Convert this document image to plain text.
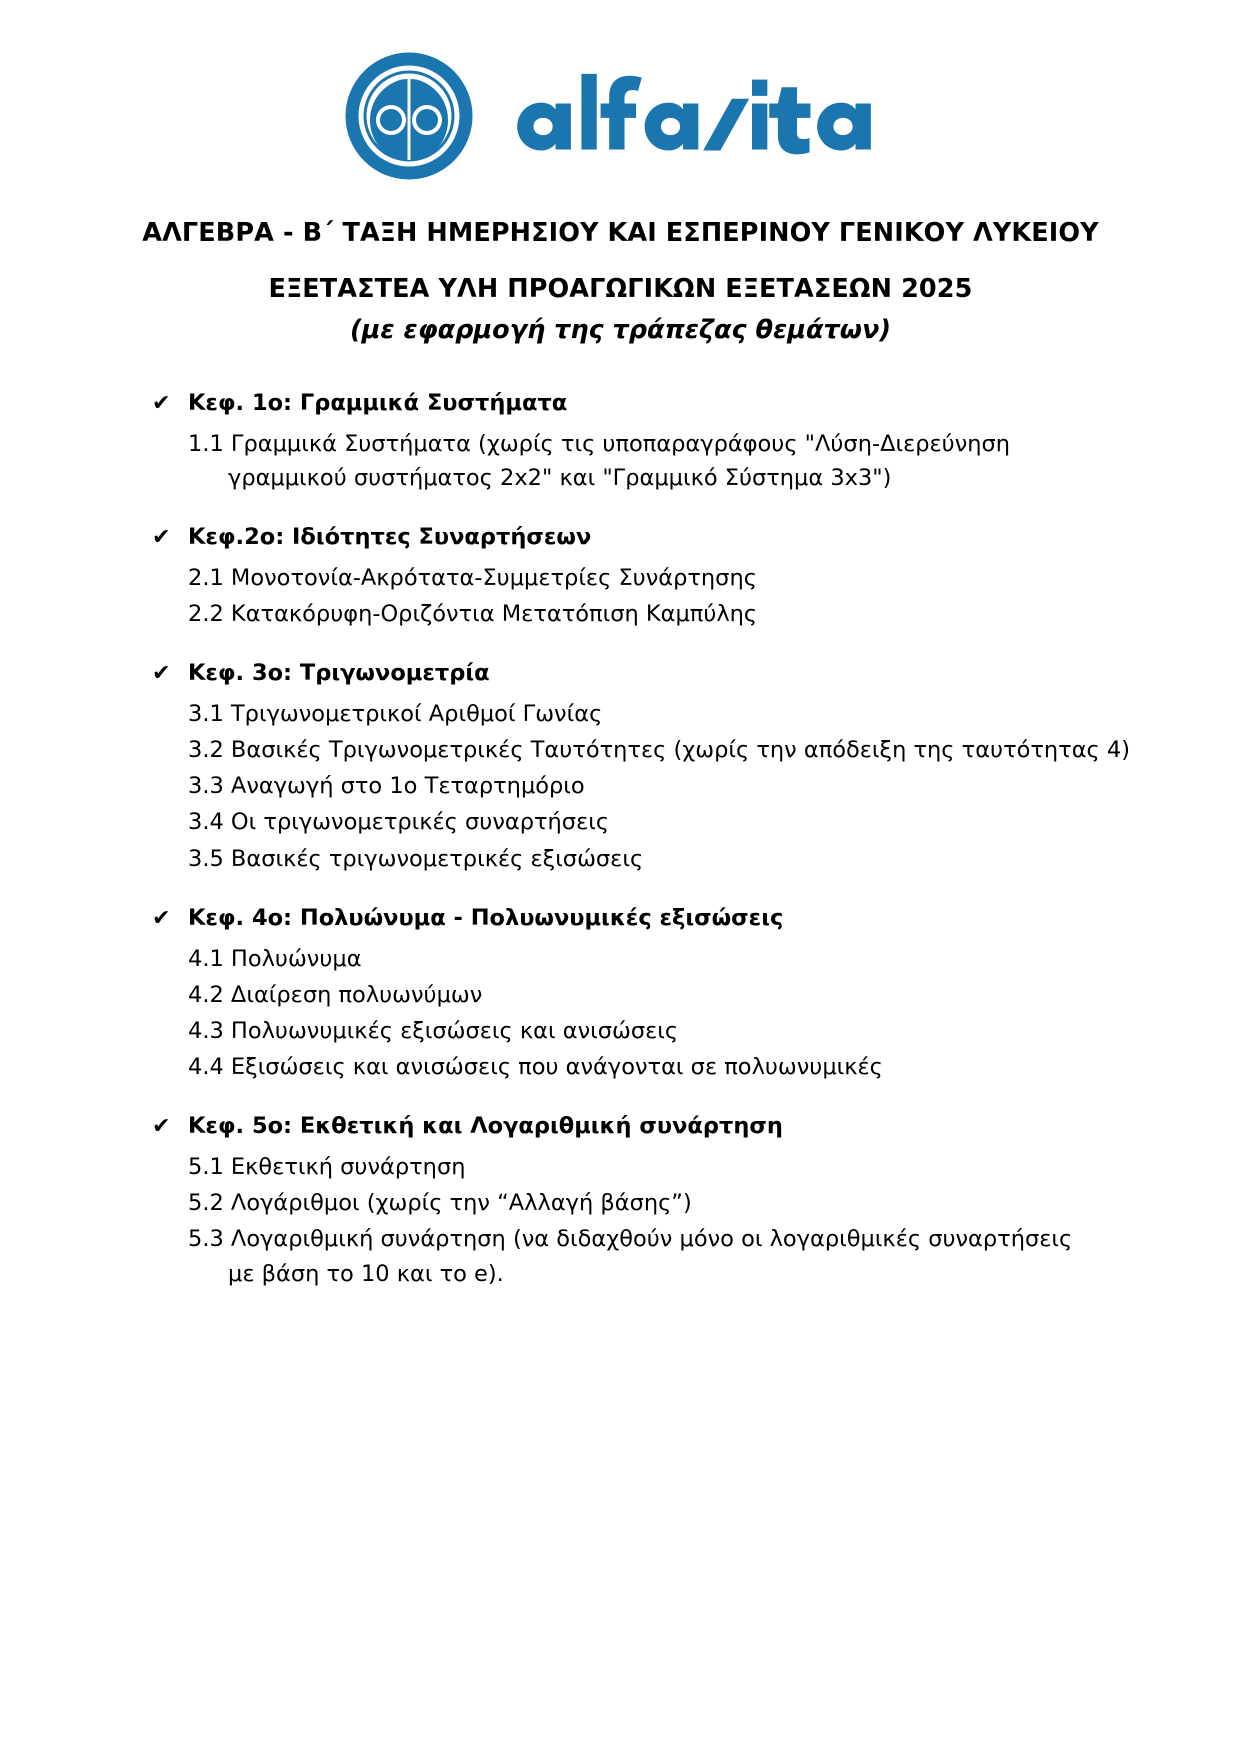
ΑΛΓΕΒΡΑ - Β΄ ΤΑΞΗ ΗΜΕΡΗΣΙΟΥ ΚΑΙ ΕΣΠΕΡΙΝΟΥ ΓΕΝΙΚΟΥ ΛΥΚΕΙΟΥ
ΕΞΕΤΑΣΤΕΑ ΥΛΗ ΠΡΟΑΓΩΓΙΚΩΝ ΕΞΕΤΑΣΕΩΝ 2025
(με εφαρμογή της τράπεζας θεμάτων)
✔ Κεφ. 1ο: Γραμμικά Συστήματα
1.1 Γραμμικά Συστήματα (χωρίς τις υποπαραγράφους "Λύση-Διερεύνηση
γραμμικού συστήματος 2x2" και "Γραμμικό Σύστημα 3x3")
✔ Κεφ.2ο: Ιδιότητες Συναρτήσεων
2.1 Μονοτονία-Ακρότατα-Συμμετρίες Συνάρτησης
2.2 Κατακόρυφη-Οριζόντια Μετατόπιση Καμπύλης
✔ Κεφ. 3ο: Τριγωνομετρία
3.1 Τριγωνομετρικοί Αριθμοί Γωνίας
3.2 Βασικές Τριγωνομετρικές Ταυτότητες (χωρίς την απόδειξη της ταυτότητας 4)
3.3 Αναγωγή στο 1ο Τεταρτημόριο
3.4 Οι τριγωνομετρικές συναρτήσεις
3.5 Βασικές τριγωνομετρικές εξισώσεις
✔ Κεφ. 4ο: Πολυώνυμα - Πολυωνυμικές εξισώσεις
4.1 Πολυώνυμα
4.2 Διαίρεση πολυωνύμων
4.3 Πολυωνυμικές εξισώσεις και ανισώσεις
4.4 Εξισώσεις και ανισώσεις που ανάγονται σε πολυωνυμικές
✔ Κεφ. 5ο: Εκθετική και Λογαριθμική συνάρτηση
5.1 Εκθετική συνάρτηση
5.2 Λογάριθμοι (χωρίς την “Αλλαγή βάσης”)
5.3 Λογαριθμική συνάρτηση (να διδαχθούν μόνο οι λογαριθμικές συναρτήσεις
με βάση το 10 και το e).
